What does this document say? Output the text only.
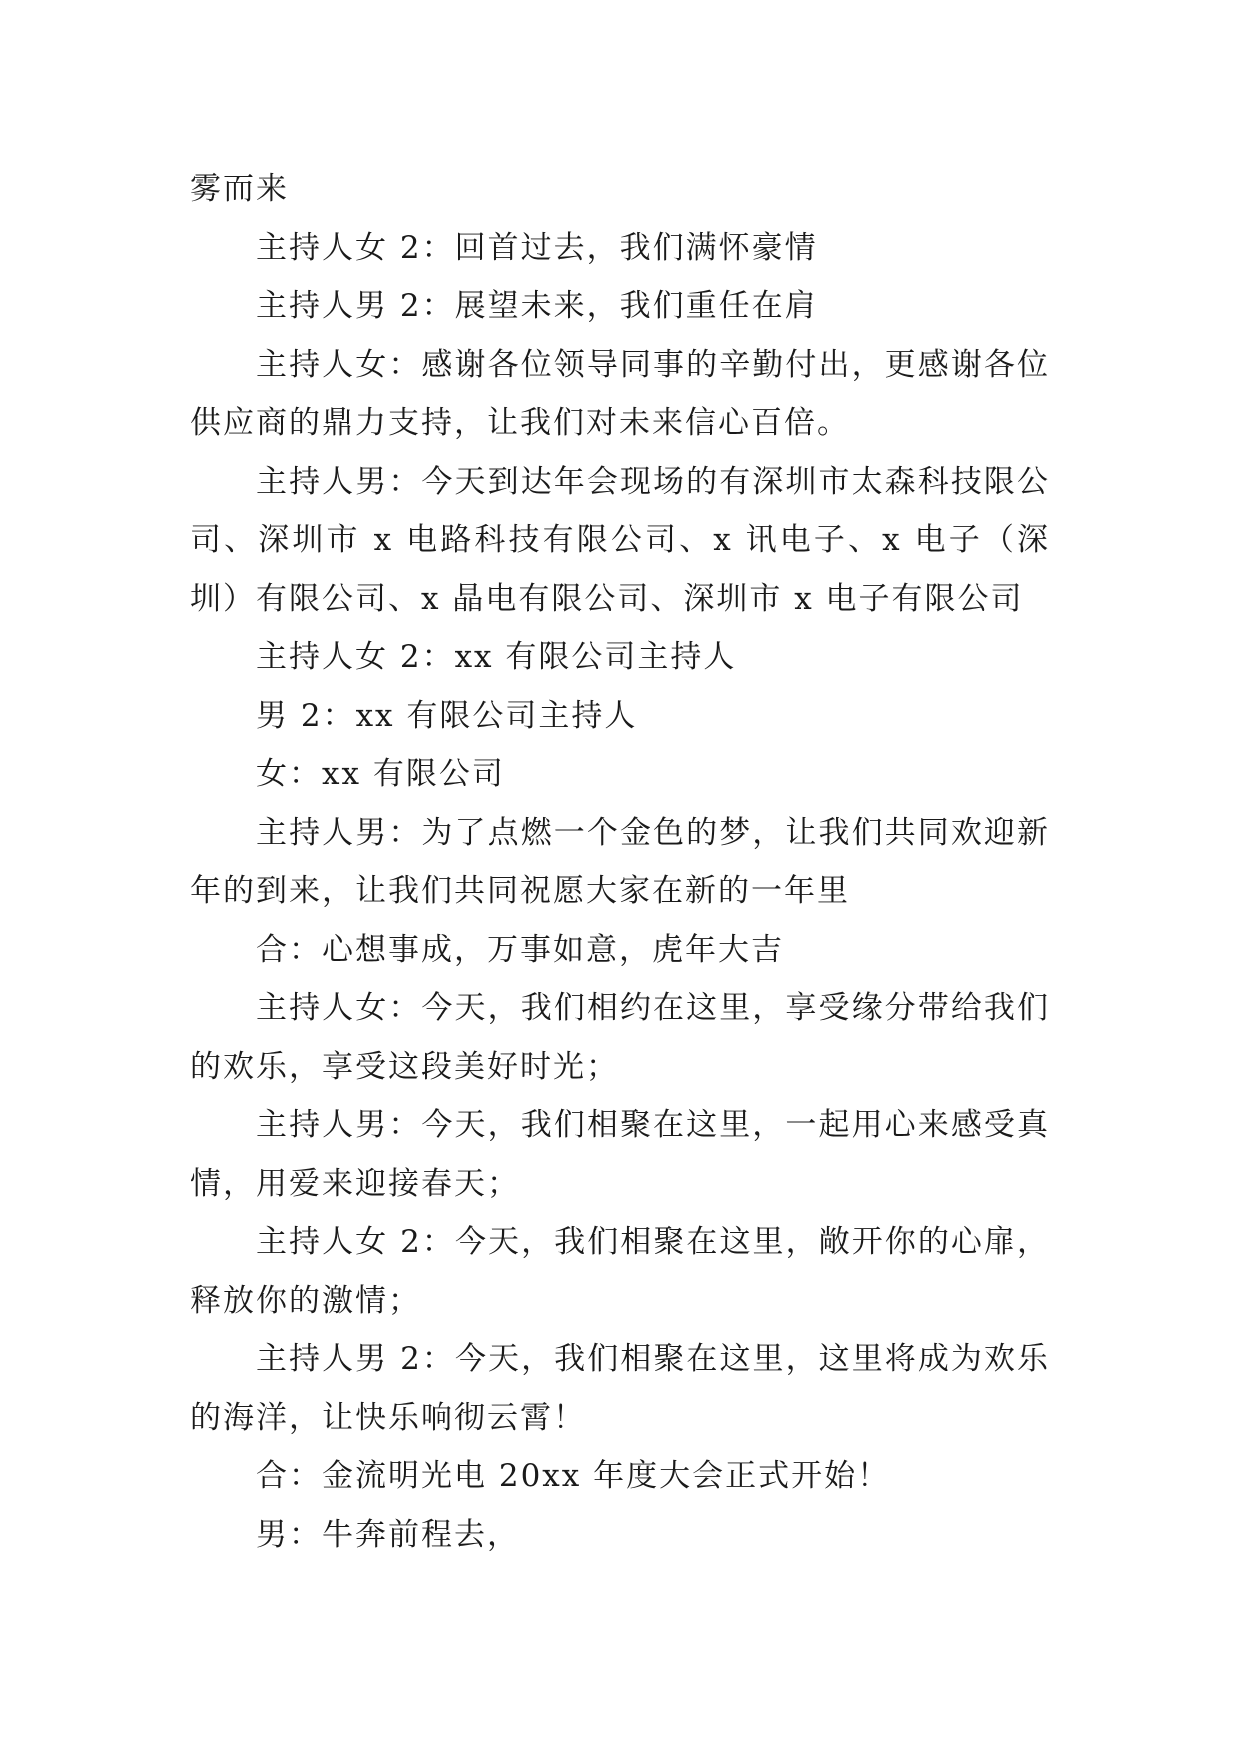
雾而来

主持人女 2：回首过去，我们满怀豪情

主持人男 2：展望未来，我们重任在肩

主持人女：感谢各位领导同事的辛勤付出，更感谢各位供应商的鼎力支持，让我们对未来信心百倍。

主持人男：今天到达年会现场的有深圳市太森科技限公司、深圳市 x 电路科技有限公司、x 讯电子、x 电子（深圳）有限公司、x 晶电有限公司、深圳市 x 电子有限公司

主持人女 2：xx 有限公司主持人

男 2：xx 有限公司主持人

女：xx 有限公司

主持人男：为了点燃一个金色的梦，让我们共同欢迎新年的到来，让我们共同祝愿大家在新的一年里

合：心想事成，万事如意，虎年大吉

主持人女：今天，我们相约在这里，享受缘分带给我们的欢乐，享受这段美好时光；

主持人男：今天，我们相聚在这里，一起用心来感受真情，用爱来迎接春天；

主持人女 2：今天，我们相聚在这里，敞开你的心扉，释放你的激情；

主持人男 2：今天，我们相聚在这里，这里将成为欢乐的海洋，让快乐响彻云霄！

合：金流明光电 20xx 年度大会正式开始！

男：牛奔前程去，
